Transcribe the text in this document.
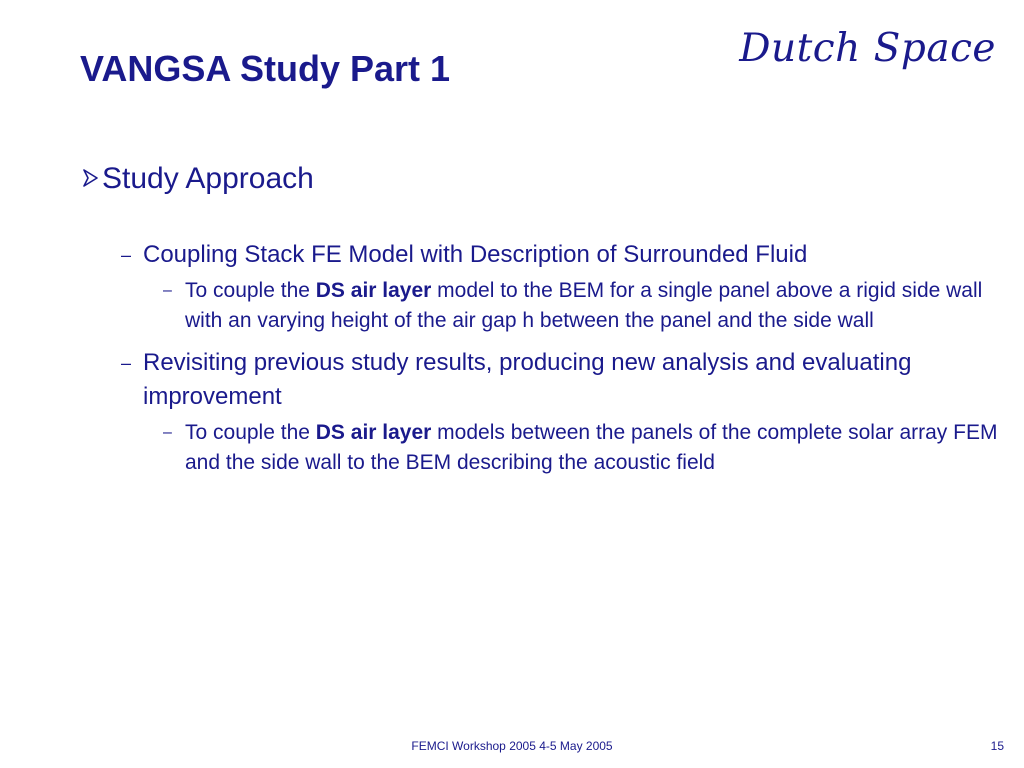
VANGSA Study Part 1	Dutch Space
Study Approach
– Coupling Stack FE Model with Description of Surrounded Fluid
– To couple the DS air layer model to the BEM for a single panel above a rigid side wall with an varying height of the air gap h between the panel and the side wall
– Revisiting previous study results, producing new analysis and evaluating improvement
– To couple the DS air layer models between the panels of the complete solar array FEM and the side wall to the BEM describing the acoustic field
FEMCI Workshop 2005 4-5 May 2005	15
